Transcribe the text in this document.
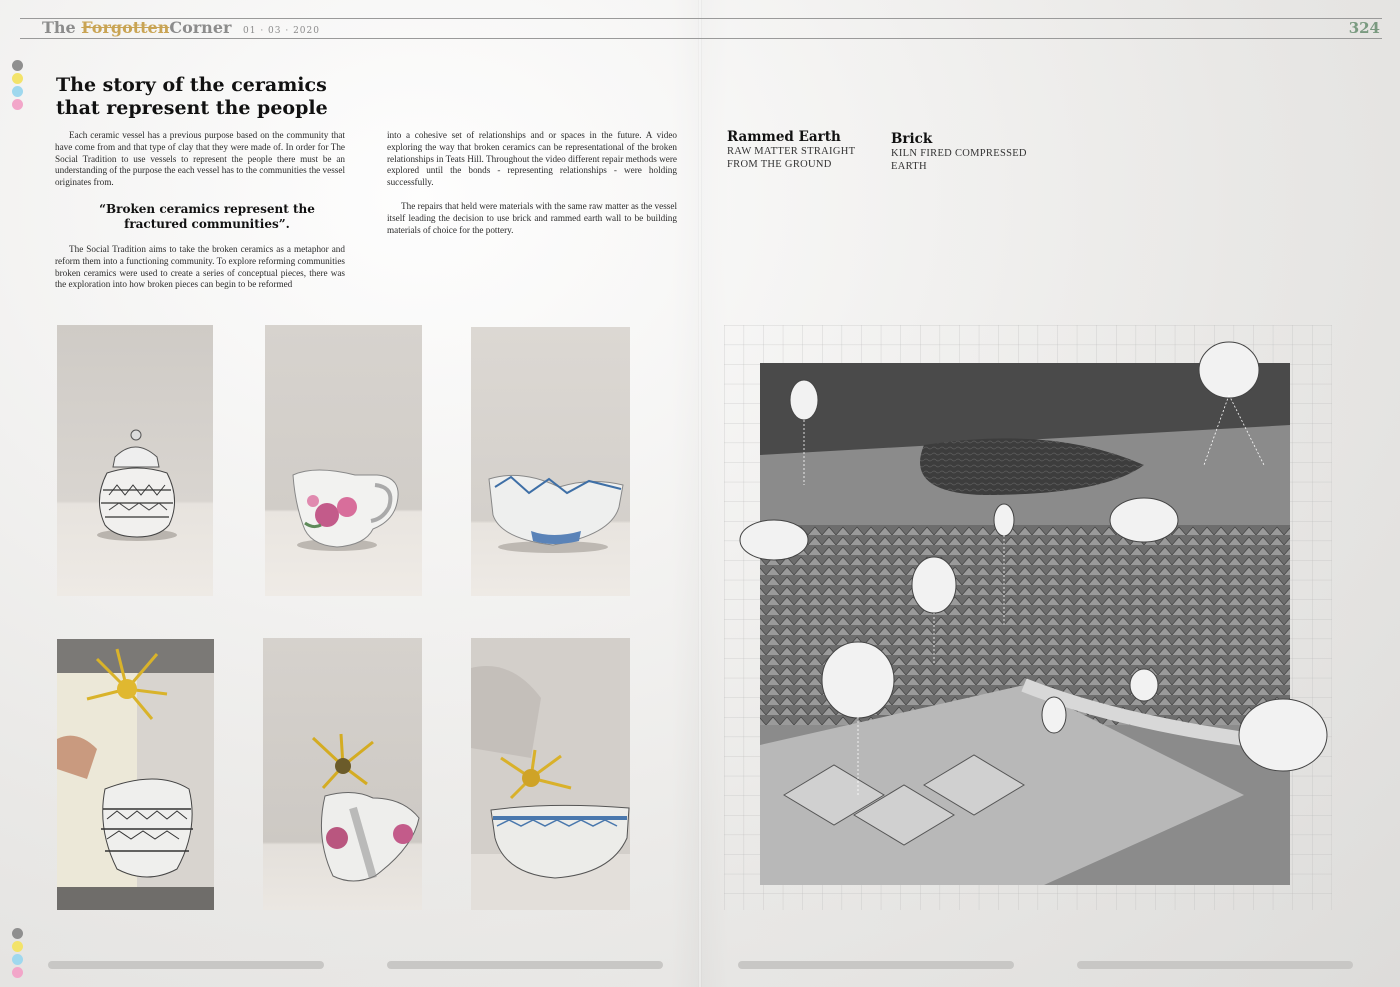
The ForgottenCorner 01 · 03 · 2020	324
The story of the ceramics that represent the people

Each ceramic vessel has a previous purpose based on the community that have come from and that type of clay that they were made of. In order for The Social Tradition to use vessels to represent the people there must be an understanding of the purpose the each vessel has to the communities the vessel originates from.

“Broken ceramics represent the fractured communities”.

The Social Tradition aims to take the broken ceramics as a metaphor and reform them into a functioning community. To explore reforming communities broken ceramics were used to create a series of conceptual pieces, there was the exploration into how broken pieces can begin to be reformed

into a cohesive set of relationships and or spaces in the future. A video exploring the way that broken ceramics can be representational of the broken relationships in Teats Hill. Throughout the video different repair methods were explored until the bonds - representing relationships - were holding successfully.

The repairs that held were materials with the same raw matter as the vessel itself leading the decision to use brick and rammed earth wall to be building materials of choice for the pottery.

Rammed Earth
RAW MATTER STRAIGHT FROM THE GROUND
Brick
KILN FIRED COMPRESSED EARTH
